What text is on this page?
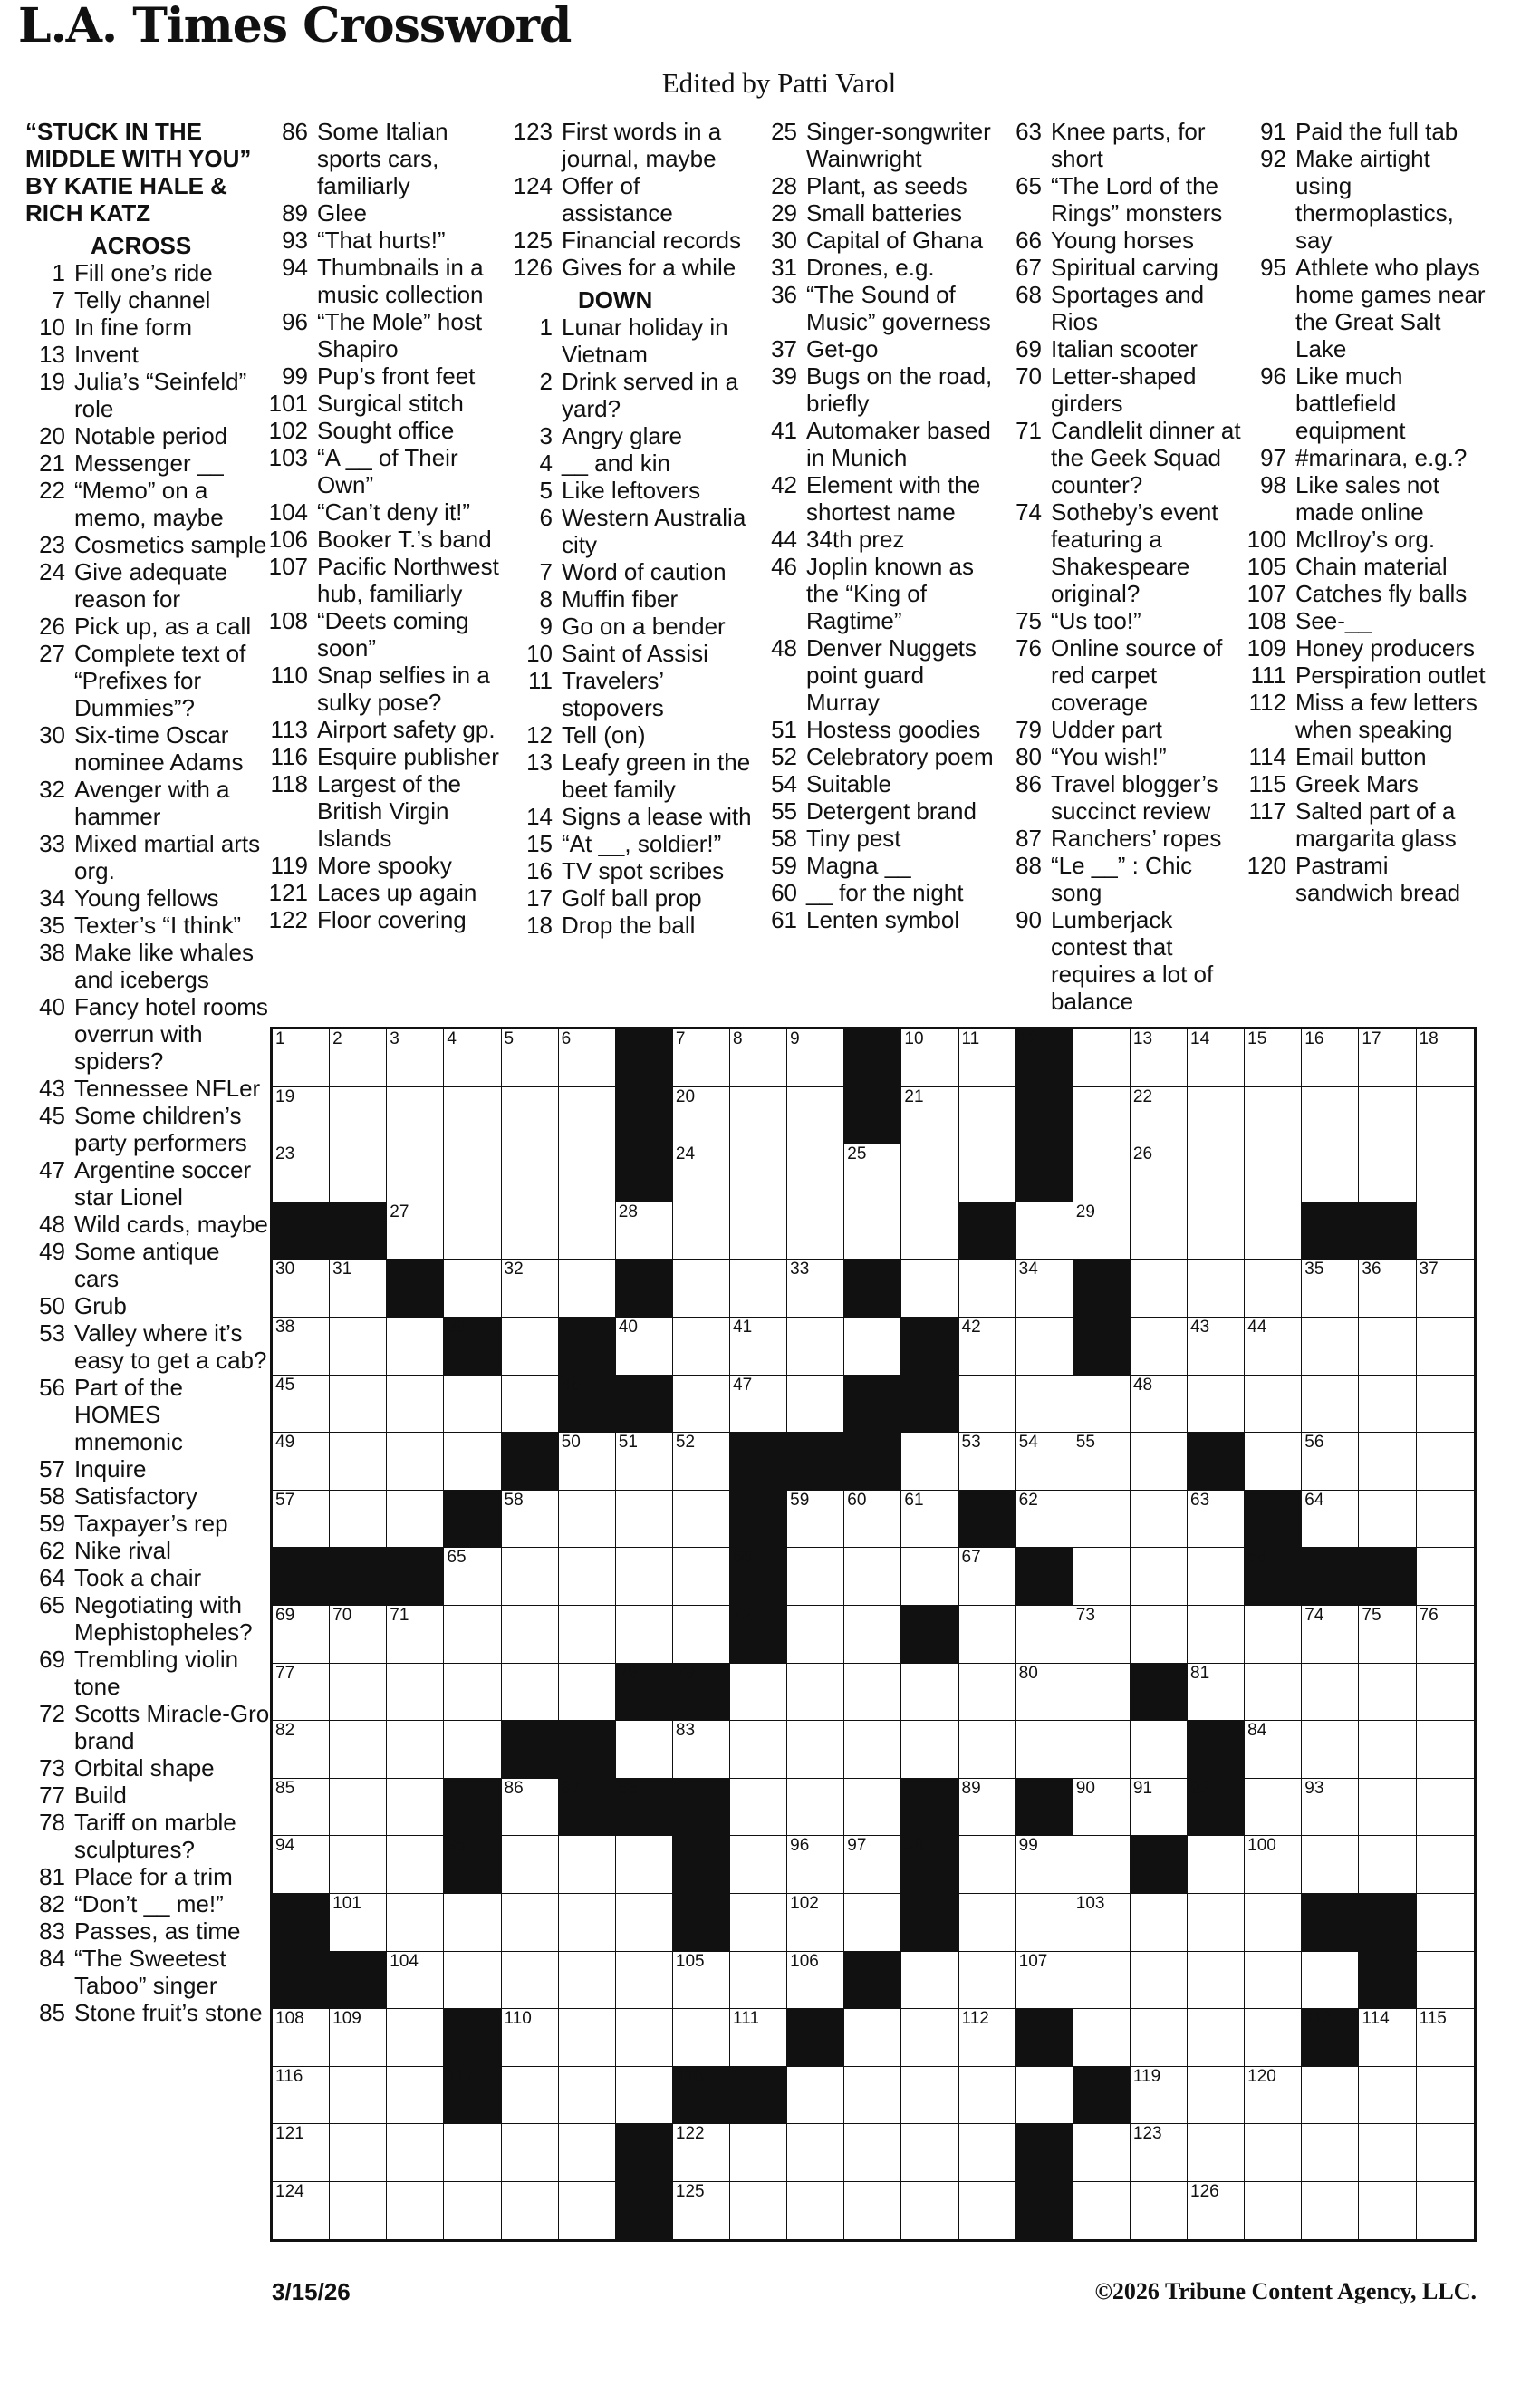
L.A. Times Crossword
Edited by Patti Varol
“STUCK IN THE MIDDLE WITH YOU” BY KATIE HALE & RICH KATZ
ACROSS
1 Fill one’s ride
7 Telly channel
10 In fine form
13 Invent
19 Julia’s “Seinfeld” role
20 Notable period
21 Messenger __
22 “Memo” on a memo, maybe
23 Cosmetics sample
24 Give adequate reason for
26 Pick up, as a call
27 Complete text of “Prefixes for Dummies”?
30 Six-time Oscar nominee Adams
32 Avenger with a hammer
33 Mixed martial arts org.
34 Young fellows
35 Texter’s “I think”
38 Make like whales and icebergs
40 Fancy hotel rooms overrun with spiders?
43 Tennessee NFLer
45 Some children’s party performers
47 Argentine soccer star Lionel
48 Wild cards, maybe
49 Some antique cars
50 Grub
53 Valley where it’s easy to get a cab?
56 Part of the HOMES mnemonic
57 Inquire
58 Satisfactory
59 Taxpayer’s rep
62 Nike rival
64 Took a chair
65 Negotiating with Mephistopheles?
69 Trembling violin tone
72 Scotts Miracle-Gro brand
73 Orbital shape
77 Build
78 Tariff on marble sculptures?
81 Place for a trim
82 “Don’t __ me!”
83 Passes, as time
84 “The Sweetest Taboo” singer
85 Stone fruit’s stone
86 Some Italian sports cars, familiarly
89 Glee
93 “That hurts!”
94 Thumbnails in a music collection
96 “The Mole” host Shapiro
99 Pup’s front feet
101 Surgical stitch
102 Sought office
103 “A __ of Their Own”
104 “Can’t deny it!”
106 Booker T.’s band
107 Pacific Northwest hub, familiarly
108 “Deets coming soon”
110 Snap selfies in a sulky pose?
113 Airport safety gp.
116 Esquire publisher
118 Largest of the British Virgin Islands
119 More spooky
121 Laces up again
122 Floor covering
123 First words in a journal, maybe
124 Offer of assistance
125 Financial records
126 Gives for a while
DOWN
1 Lunar holiday in Vietnam
2 Drink served in a yard?
3 Angry glare
4 __ and kin
5 Like leftovers
6 Western Australia city
7 Word of caution
8 Muffin fiber
9 Go on a bender
10 Saint of Assisi
11 Travelers’ stopovers
12 Tell (on)
13 Leafy green in the beet family
14 Signs a lease with
15 “At __, soldier!”
16 TV spot scribes
17 Golf ball prop
18 Drop the ball
25 Singer-songwriter Wainwright
28 Plant, as seeds
29 Small batteries
30 Capital of Ghana
31 Drones, e.g.
36 “The Sound of Music” governess
37 Get-go
39 Bugs on the road, briefly
41 Automaker based in Munich
42 Element with the shortest name
44 34th prez
46 Joplin known as the “King of Ragtime”
48 Denver Nuggets point guard Murray
51 Hostess goodies
52 Celebratory poem
54 Suitable
55 Detergent brand
58 Tiny pest
59 Magna __
60 __ for the night
61 Lenten symbol
63 Knee parts, for short
65 “The Lord of the Rings” monsters
66 Young horses
67 Spiritual carving
68 Sportages and Rios
69 Italian scooter
70 Letter-shaped girders
71 Candlelit dinner at the Geek Squad counter?
74 Sotheby’s event featuring a Shakespeare original?
75 “Us too!”
76 Online source of red carpet coverage
79 Udder part
80 “You wish!”
86 Travel blogger’s succinct review
87 Ranchers’ ropes
88 “Le __” : Chic song
90 Lumberjack contest that requires a lot of balance
91 Paid the full tab
92 Make airtight using thermoplastics, say
95 Athlete who plays home games near the Great Salt Lake
96 Like much battlefield equipment
97 #marinara, e.g.?
98 Like sales not made online
100 McIlroy’s org.
105 Chain material
107 Catches fly balls
108 See-__
109 Honey producers
111 Perspiration outlet
112 Miss a few letters when speaking
114 Email button
115 Greek Mars
117 Salted part of a margarita glass
120 Pastrami sandwich bread
1	2	3	4	5	6	7	8	9	10 11 12	13 14 15 16 17 18
19	20	21	22
23	24	25	26
27	28	29
30 31	32	33	34	35 36 37
38	39	40	41	42	43 44
45	46	47	48
49	50 51 52	53 54 55	56
57	58	59 60 61	62	63	64
65	66	67	68
69 70 71	72	73	74 75 76
77	78 79	80	81
82	83	84
85	86 87 88	89	90 91 92	93
94	95	96 97 98	99	100
101	102	103
104	105	106	107
108 109	110	111	112	113 114 115
116	117	118	119	120
121	122	123
124	125	126
3/15/26	©2026 Tribune Content Agency, LLC.
